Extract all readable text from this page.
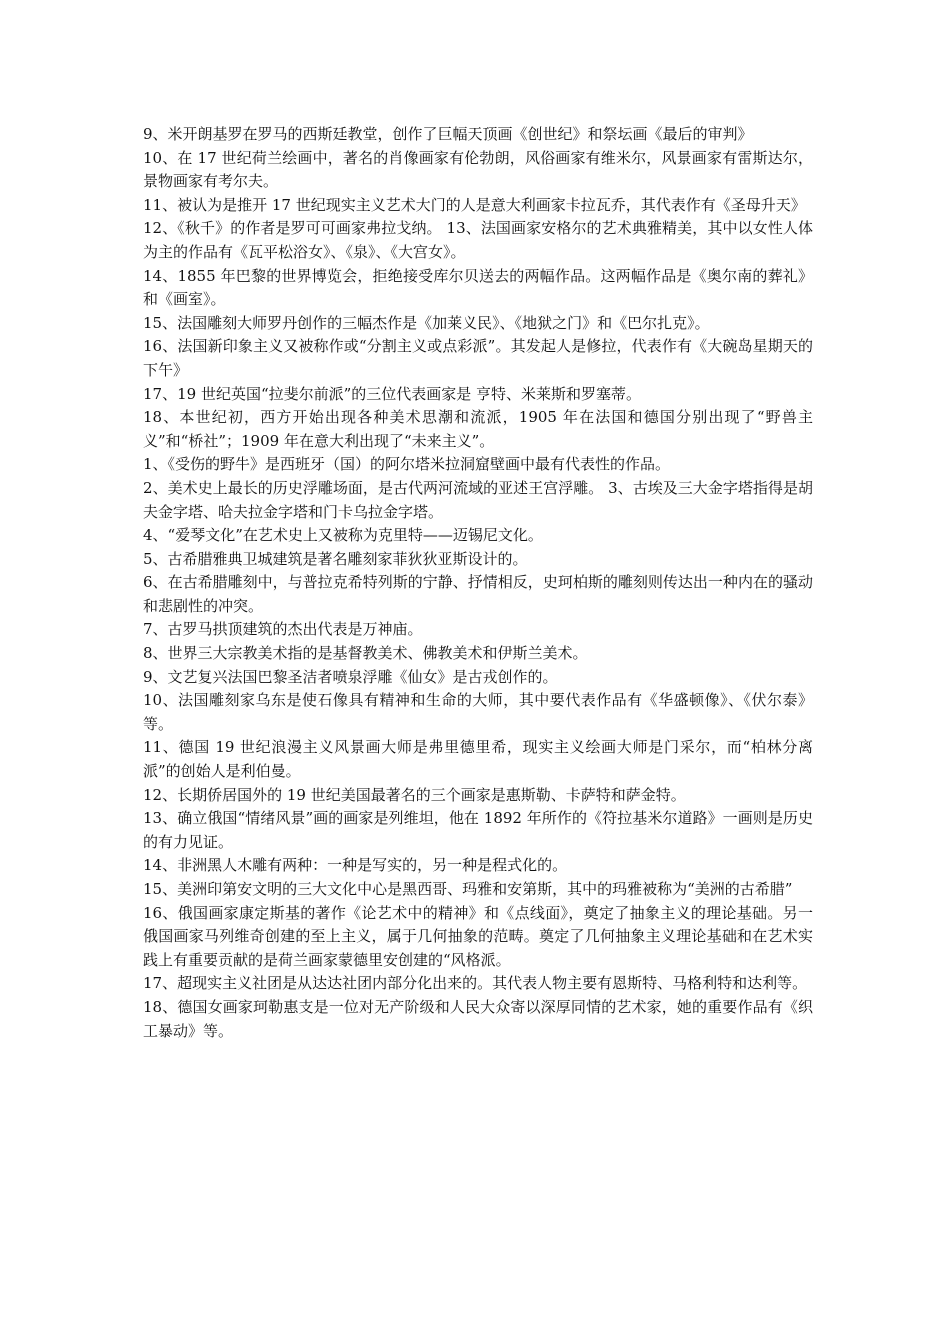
9、米开朗基罗在罗马的西斯廷教堂，创作了巨幅天顶画《创世纪》和祭坛画《最后的审判》

10、在 17 世纪荷兰绘画中，著名的肖像画家有伦勃朗，风俗画家有维米尔，风景画家有雷斯达尔，景物画家有考尔夫。

11、被认为是推开 17 世纪现实主义艺术大门的人是意大利画家卡拉瓦乔，其代表作有《圣母升天》

12、《秋千》的作者是罗可可画家弗拉戈纳。 13、法国画家安格尔的艺术典雅精美，其中以女性人体为主的作品有《瓦平松浴女》、《泉》、《大宫女》。

14、1855 年巴黎的世界博览会，拒绝接受库尔贝送去的两幅作品。这两幅作品是《奥尔南的葬礼》和《画室》。

15、法国雕刻大师罗丹创作的三幅杰作是《加莱义民》、《地狱之门》和《巴尔扎克》。

16、法国新印象主义又被称作或“分割主义或点彩派”。其发起人是修拉，代表作有《大碗岛星期天的下午》

17、19 世纪英国“拉斐尔前派”的三位代表画家是 亨特、米莱斯和罗塞蒂。

18、本世纪初，西方开始出现各种美术思潮和流派，1905 年在法国和德国分别出现了“野兽主义”和“桥社”；1909 年在意大利出现了“未来主义”。

1、《受伤的野牛》是西班牙（国）的阿尔塔米拉洞窟壁画中最有代表性的作品。

2、美术史上最长的历史浮雕场面，是古代两河流域的亚述王宫浮雕。 3、古埃及三大金字塔指得是胡夫金字塔、哈夫拉金字塔和门卡乌拉金字塔。

4、“爱琴文化”在艺术史上又被称为克里特——迈锡尼文化。

5、古希腊雅典卫城建筑是著名雕刻家菲狄狄亚斯设计的。

6、在古希腊雕刻中，与普拉克希特列斯的宁静、抒情相反，史珂柏斯的雕刻则传达出一种内在的骚动和悲剧性的冲突。

7、古罗马拱顶建筑的杰出代表是万神庙。

8、世界三大宗教美术指的是基督教美术、佛教美术和伊斯兰美术。

9、文艺复兴法国巴黎圣洁者喷泉浮雕《仙女》是古戎创作的。

10、法国雕刻家乌东是使石像具有精神和生命的大师，其中要代表作品有《华盛顿像》、《伏尔泰》等。

11、德国 19 世纪浪漫主义风景画大师是弗里德里希，现实主义绘画大师是门采尔，而“柏林分离派”的创始人是利伯曼。

12、长期侨居国外的 19 世纪美国最著名的三个画家是惠斯勒、卡萨特和萨金特。

13、确立俄国“情绪风景”画的画家是列维坦，他在 1892 年所作的《符拉基米尔道路》一画则是历史的有力见证。

14、非洲黑人木雕有两种：一种是写实的，另一种是程式化的。

15、美洲印第安文明的三大文化中心是黑西哥、玛雅和安第斯，其中的玛雅被称为“美洲的古希腊”

16、俄国画家康定斯基的著作《论艺术中的精神》和《点线面》，奠定了抽象主义的理论基础。另一俄国画家马列维奇创建的至上主义，属于几何抽象的范畴。奠定了几何抽象主义理论基础和在艺术实践上有重要贡献的是荷兰画家蒙德里安创建的“风格派。

17、超现实主义社团是从达达社团内部分化出来的。其代表人物主要有恩斯特、马格利特和达利等。

18、德国女画家珂勒惠支是一位对无产阶级和人民大众寄以深厚同情的艺术家，她的重要作品有《织工暴动》等。
